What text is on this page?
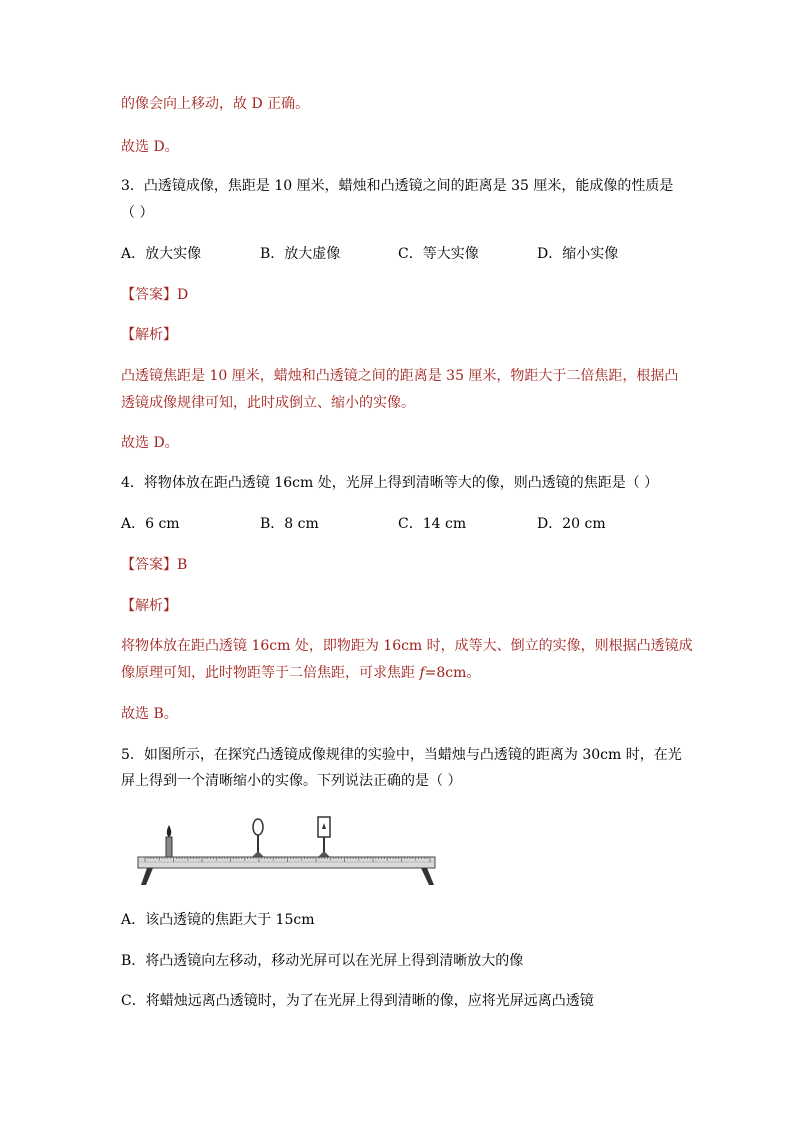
的像会向上移动，故 D 正确。
故选 D。
3．凸透镜成像，焦距是 10 厘米，蜡烛和凸透镜之间的距离是 35 厘米，能成像的性质是
（ ）
A．放大实像	B．放大虚像	C．等大实像	D．缩小实像
【答案】D
【解析】
凸透镜焦距是 10 厘米，蜡烛和凸透镜之间的距离是 35 厘米，物距大于二倍焦距，根据凸
透镜成像规律可知，此时成倒立、缩小的实像。
故选 D。
4．将物体放在距凸透镜 16cm 处，光屏上得到清晰等大的像，则凸透镜的焦距是（ ）
A．6 cm	B．8 cm	C．14 cm	D．20 cm
【答案】B
【解析】
将物体放在距凸透镜 16cm 处，即物距为 16cm 时，成等大、倒立的实像，则根据凸透镜成
像原理可知，此时物距等于二倍焦距，可求焦距 f=8cm。
故选 B。
5．如图所示，在探究凸透镜成像规律的实验中，当蜡烛与凸透镜的距离为 30cm 时，在光
屏上得到一个清晰缩小的实像。下列说法正确的是（ ）
A．该凸透镜的焦距大于 15cm
B．将凸透镜向左移动，移动光屏可以在光屏上得到清晰放大的像
C．将蜡烛远离凸透镜时，为了在光屏上得到清晰的像，应将光屏远离凸透镜
